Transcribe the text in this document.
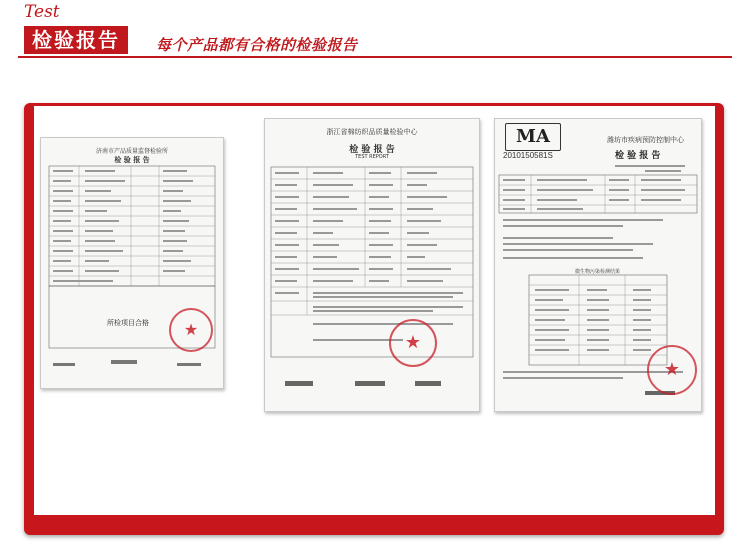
Test
检验报告	每个产品都有合格的检验报告
济南市产品质量监督检验所
检 验 报 告
所检项目合格	★
浙江省棉纺织品质量检验中心
检 验 报 告
TEST REPORT
★
MA
2010150581S
潍坊市疾病预防控制中心
检 验 报 告
微生物污染检测结果
★
每个产品都有合格的检验报告 请放心采购 这里只是几个产品检验
报告单 空间有限上传不清晰 如需要更多更清晰的资料请告诉我们～
